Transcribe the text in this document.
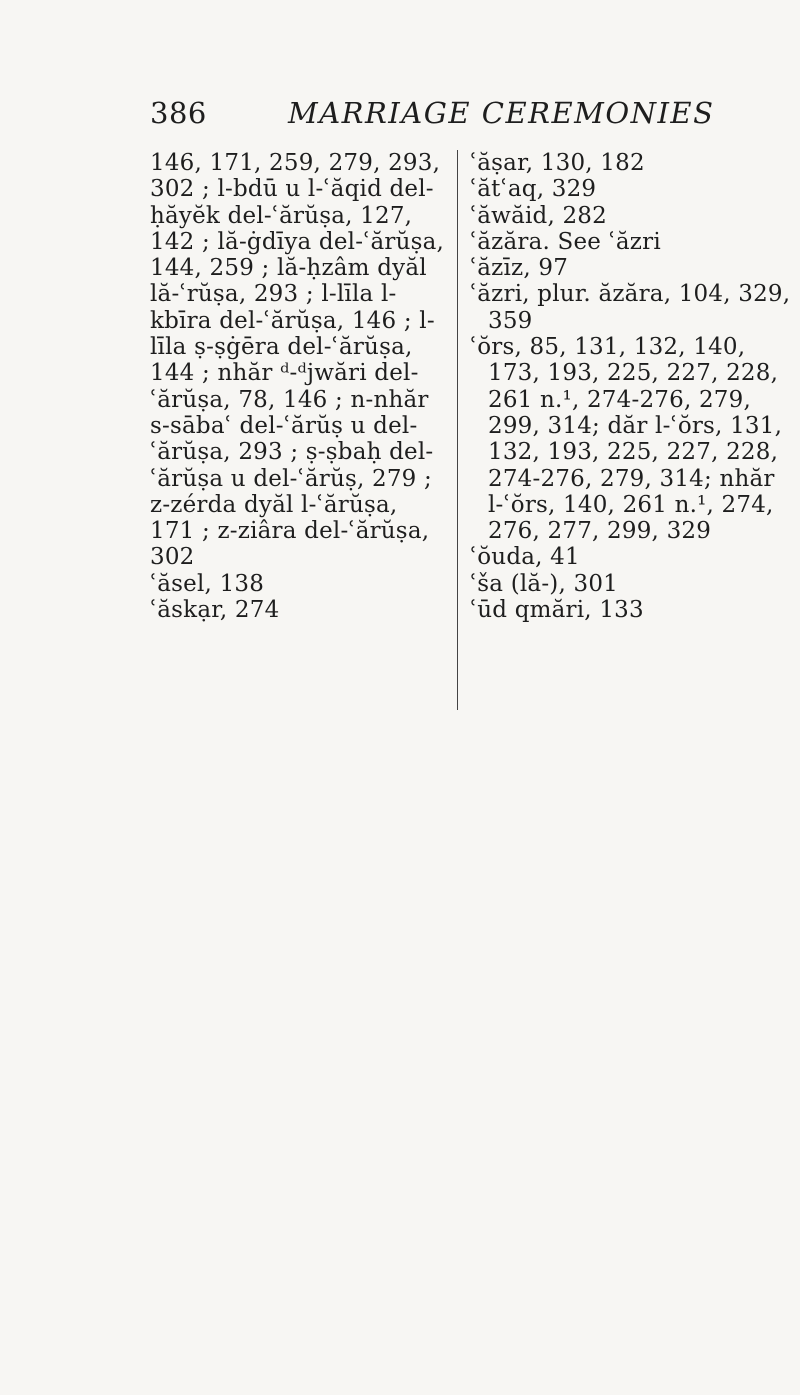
386	MARRIAGE CEREMONIES
146, 171, 259, 279, 293,
302 ; l-bdū u l-ʿăqid del-
ḥăyĕk del-ʿărŭṣa, 127,
142 ; lă-ġdīya del-ʿărŭṣa,
144, 259 ; lă-ḥzâm dyăl
lă-ʿrŭṣa, 293 ; l-līla l-
kbīra del-ʿărŭṣa, 146 ; l-
līla ṣ-ṣġēra del-ʿărŭṣa,
144 ; nhăr ᵈ-ᵈjwări del-
ʿărŭṣa, 78, 146 ; n-nhăr
s-sābaʿ del-ʿărŭṣ u del-
ʿărŭṣa, 293 ; ṣ-ṣbaḥ del-
ʿărŭṣa u del-ʿărŭṣ, 279 ;
z-zérda dyăl l-ʿărŭṣa,
171 ; z-ziâra del-ʿărŭṣa,
302
ʿăsel, 138
ʿăskạr, 274
ʿăṣar, 130, 182
ʿătʿaq, 329
ʿăwăid, 282
ʿăzăra. See ʿăzri
ʿăzīz, 97
ʿăzri, plur. ăzăra, 104, 329,
359
ʿŏrs, 85, 131, 132, 140,
173, 193, 225, 227, 228,
261 n.¹, 274-276, 279,
299, 314; dăr l-ʿŏrs, 131,
132, 193, 225, 227, 228,
274-276, 279, 314; nhăr
l-ʿŏrs, 140, 261 n.¹, 274,
276, 277, 299, 329
ʿŏuda, 41
ʿša (lă-), 301
ʿūd qmări, 133
